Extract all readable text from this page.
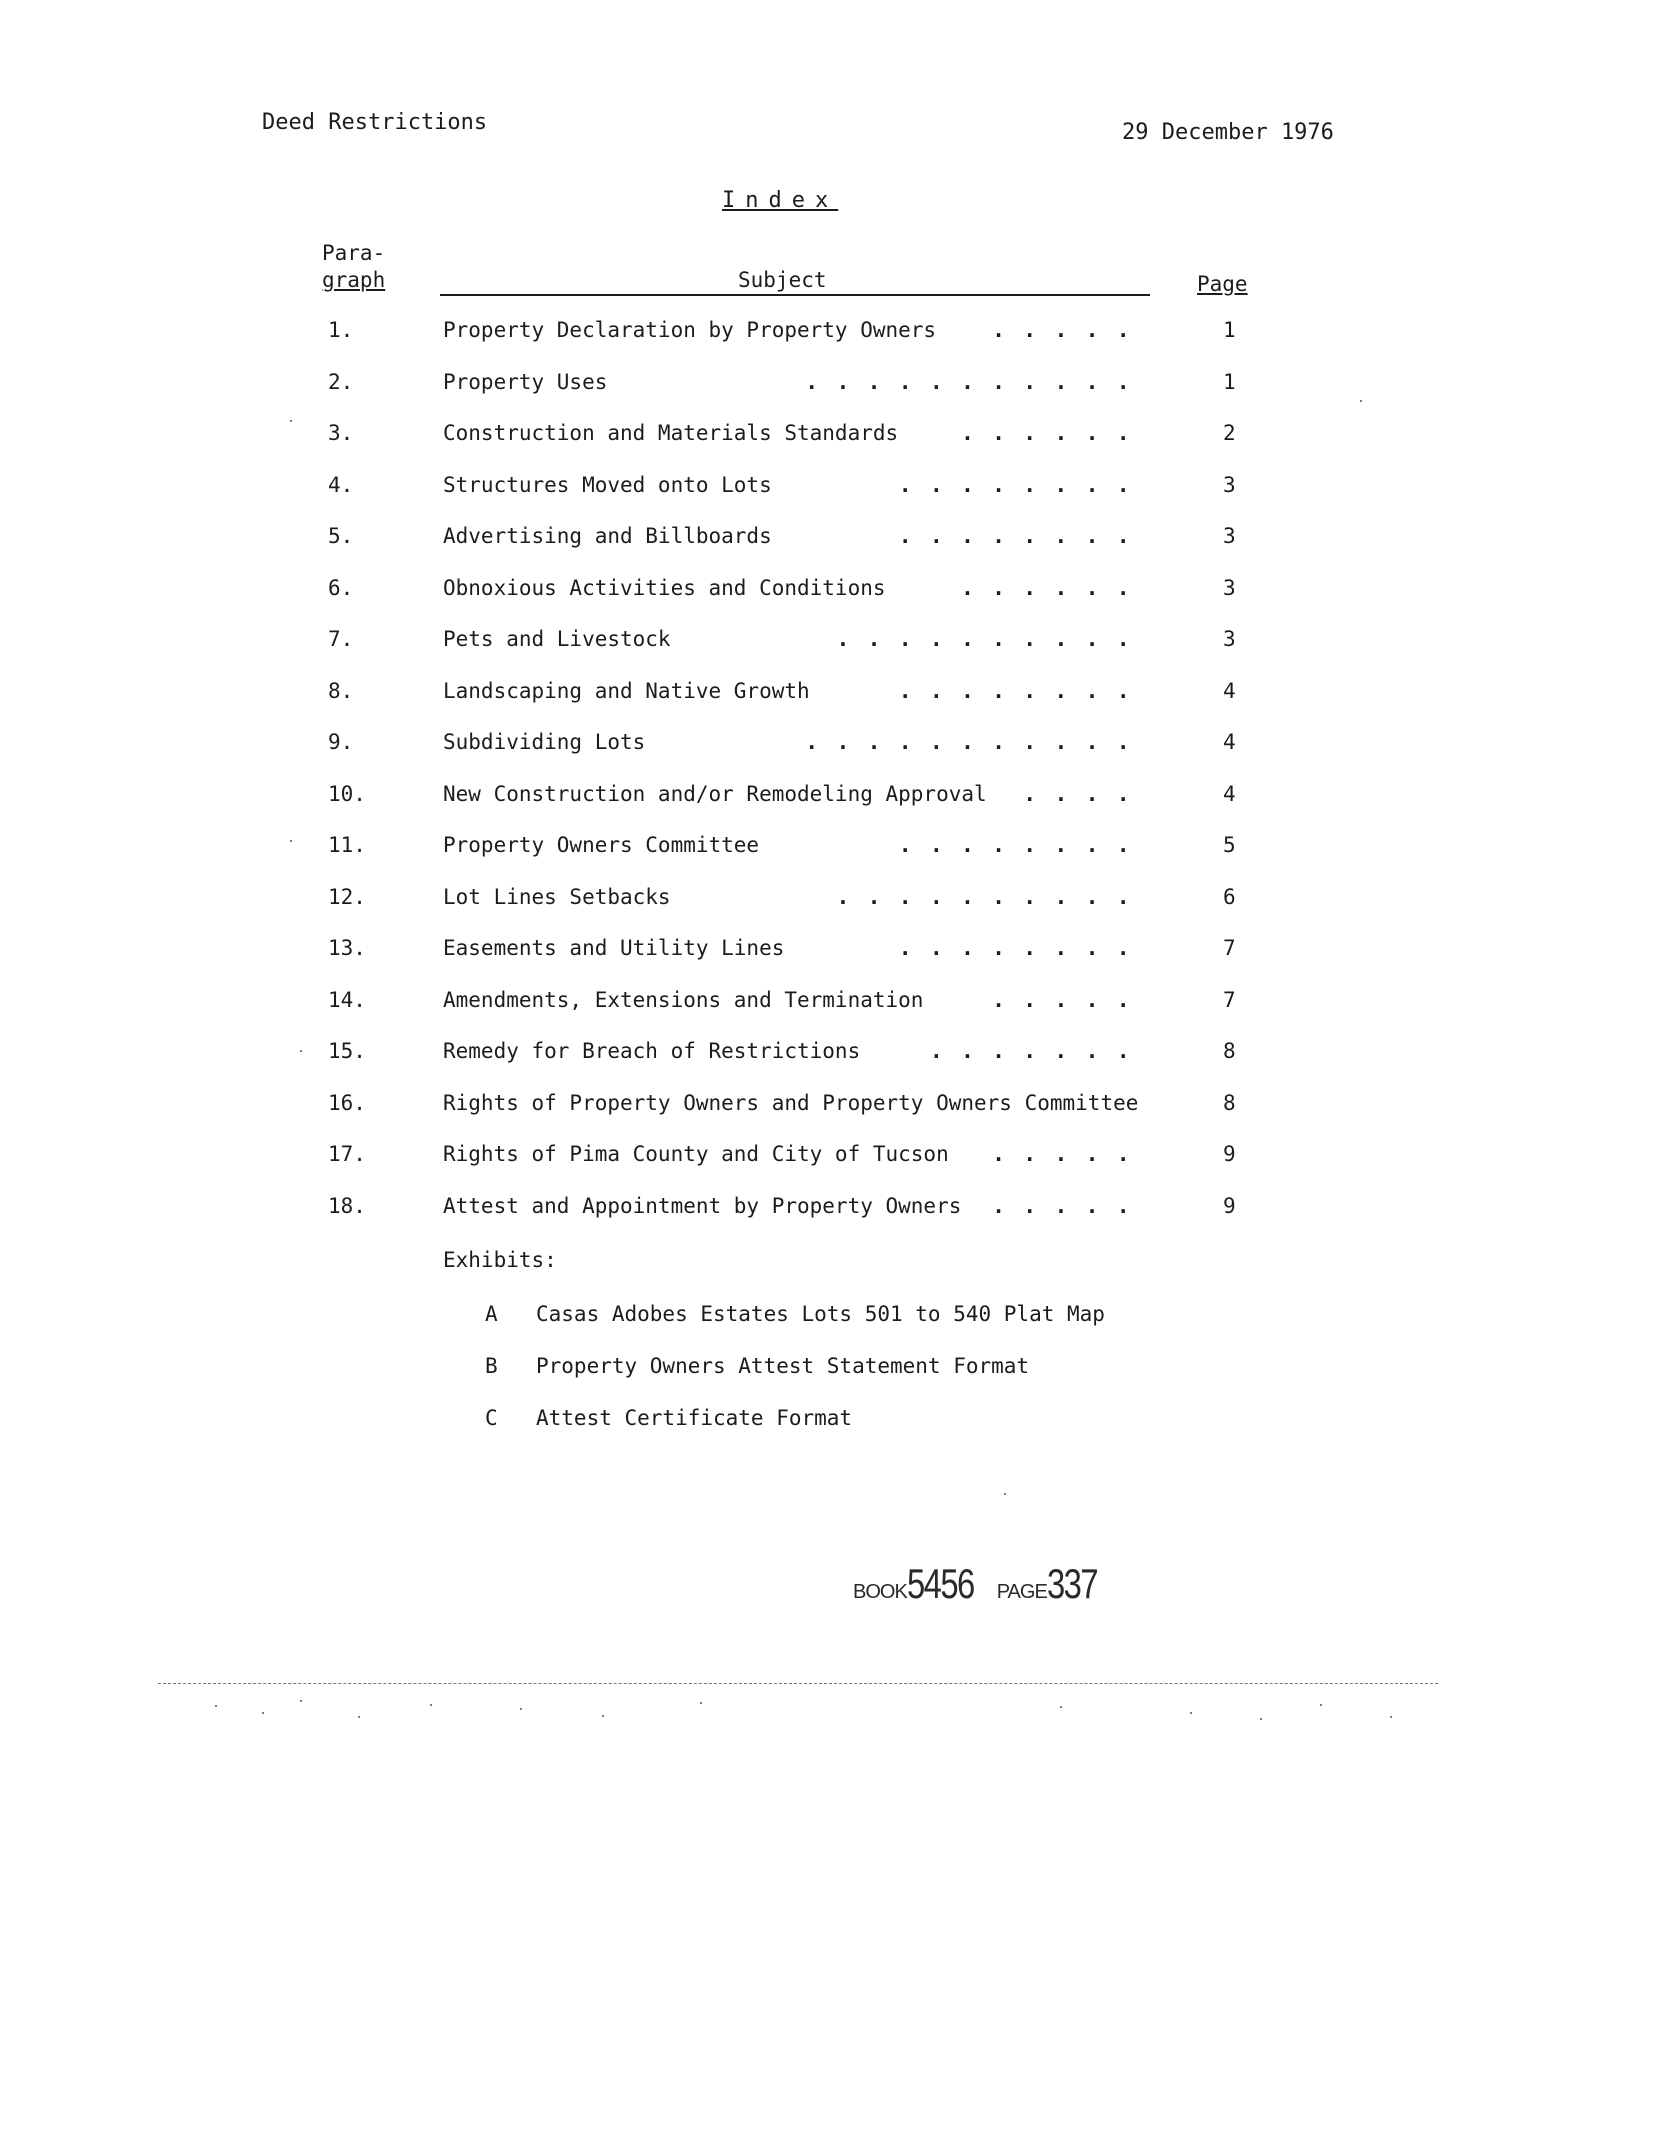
Deed Restrictions	29 December 1976
Index
Para-
graph	Subject	Page
1.	Property Declaration by Property Owners	.....	1
2.	Property Uses	...........	1
3.	Construction and Materials Standards	......	2
4.	Structures Moved onto Lots	........	3
5.	Advertising and Billboards	........	3
6.	Obnoxious Activities and Conditions	......	3
7.	Pets and Livestock	..........	3
8.	Landscaping and Native Growth	........	4
9.	Subdividing Lots	...........	4
10.	New Construction and/or Remodeling Approval ....	4
11.	Property Owners Committee	........	5
12.	Lot Lines Setbacks	..........	6
13.	Easements and Utility Lines	........	7
14.	Amendments, Extensions and Termination	.....	7
15.	Remedy for Breach of Restrictions	.......	8
16.	Rights of Property Owners and Property Owners Committee	8
17.	Rights of Pima County and City of Tucson .....	9
18.	Attest and Appointment by Property Owners .....	9
Exhibits:
A Casas Adobes Estates Lots 501 to 540 Plat Map
B Property Owners Attest Statement Format
C Attest Certificate Format
BOOK5456 PAGE337
